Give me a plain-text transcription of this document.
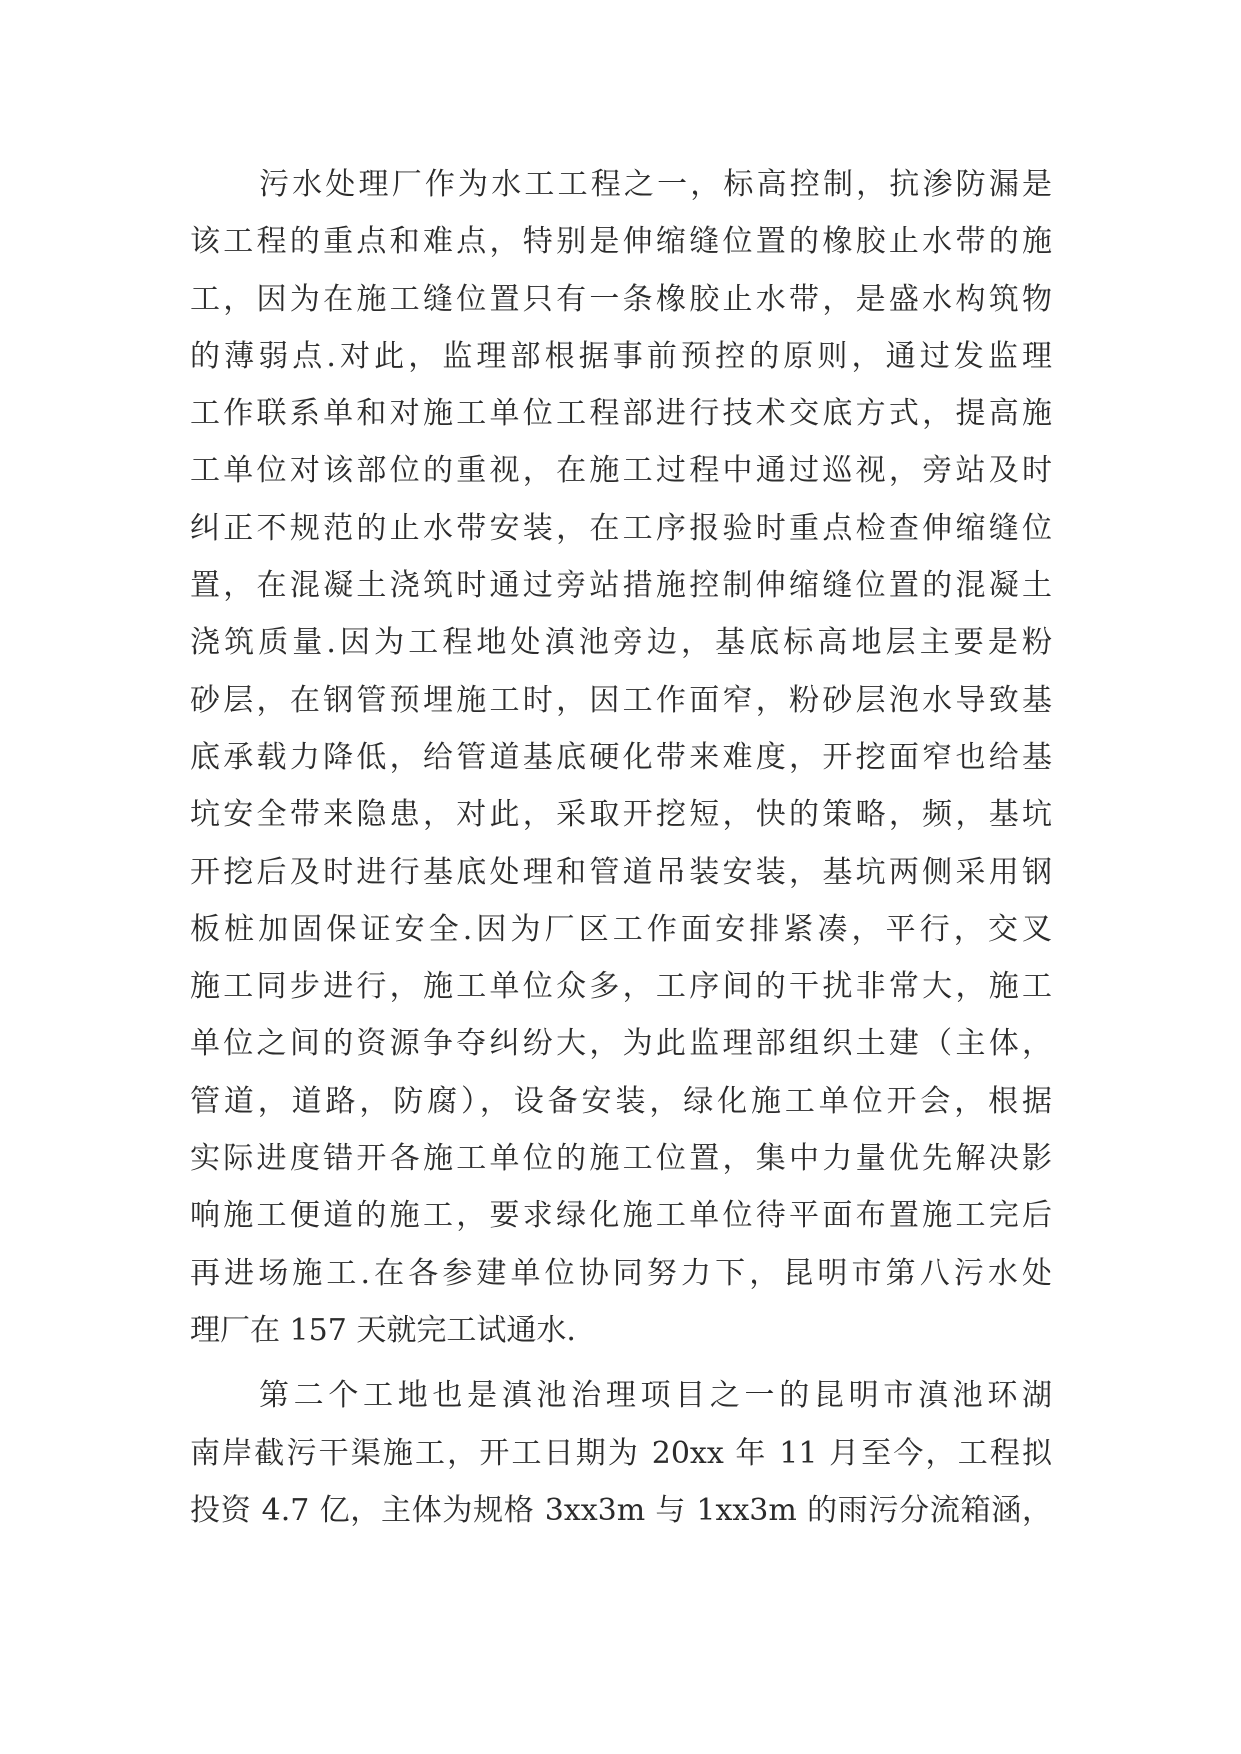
污水处理厂作为水工工程之一，标高控制，抗渗防漏是
该工程的重点和难点，特别是伸缩缝位置的橡胶止水带的施
工，因为在施工缝位置只有一条橡胶止水带，是盛水构筑物
的薄弱点.对此，监理部根据事前预控的原则，通过发监理
工作联系单和对施工单位工程部进行技术交底方式，提高施
工单位对该部位的重视，在施工过程中通过巡视，旁站及时
纠正不规范的止水带安装，在工序报验时重点检查伸缩缝位
置，在混凝土浇筑时通过旁站措施控制伸缩缝位置的混凝土
浇筑质量.因为工程地处滇池旁边，基底标高地层主要是粉
砂层，在钢管预埋施工时，因工作面窄，粉砂层泡水导致基
底承载力降低，给管道基底硬化带来难度，开挖面窄也给基
坑安全带来隐患，对此，采取开挖短，快的策略，频，基坑
开挖后及时进行基底处理和管道吊装安装，基坑两侧采用钢
板桩加固保证安全.因为厂区工作面安排紧凑，平行，交叉
施工同步进行，施工单位众多，工序间的干扰非常大，施工
单位之间的资源争夺纠纷大，为此监理部组织土建（主体，
管道，道路，防腐），设备安装，绿化施工单位开会，根据
实际进度错开各施工单位的施工位置，集中力量优先解决影
响施工便道的施工，要求绿化施工单位待平面布置施工完后
再进场施工.在各参建单位协同努力下，昆明市第八污水处
理厂在 157 天就完工试通水.
第二个工地也是滇池治理项目之一的昆明市滇池环湖
南岸截污干渠施工，开工日期为 20xx 年 11 月至今，工程拟
投资 4.7 亿，主体为规格 3xx3m 与 1xx3m 的雨污分流箱涵，
